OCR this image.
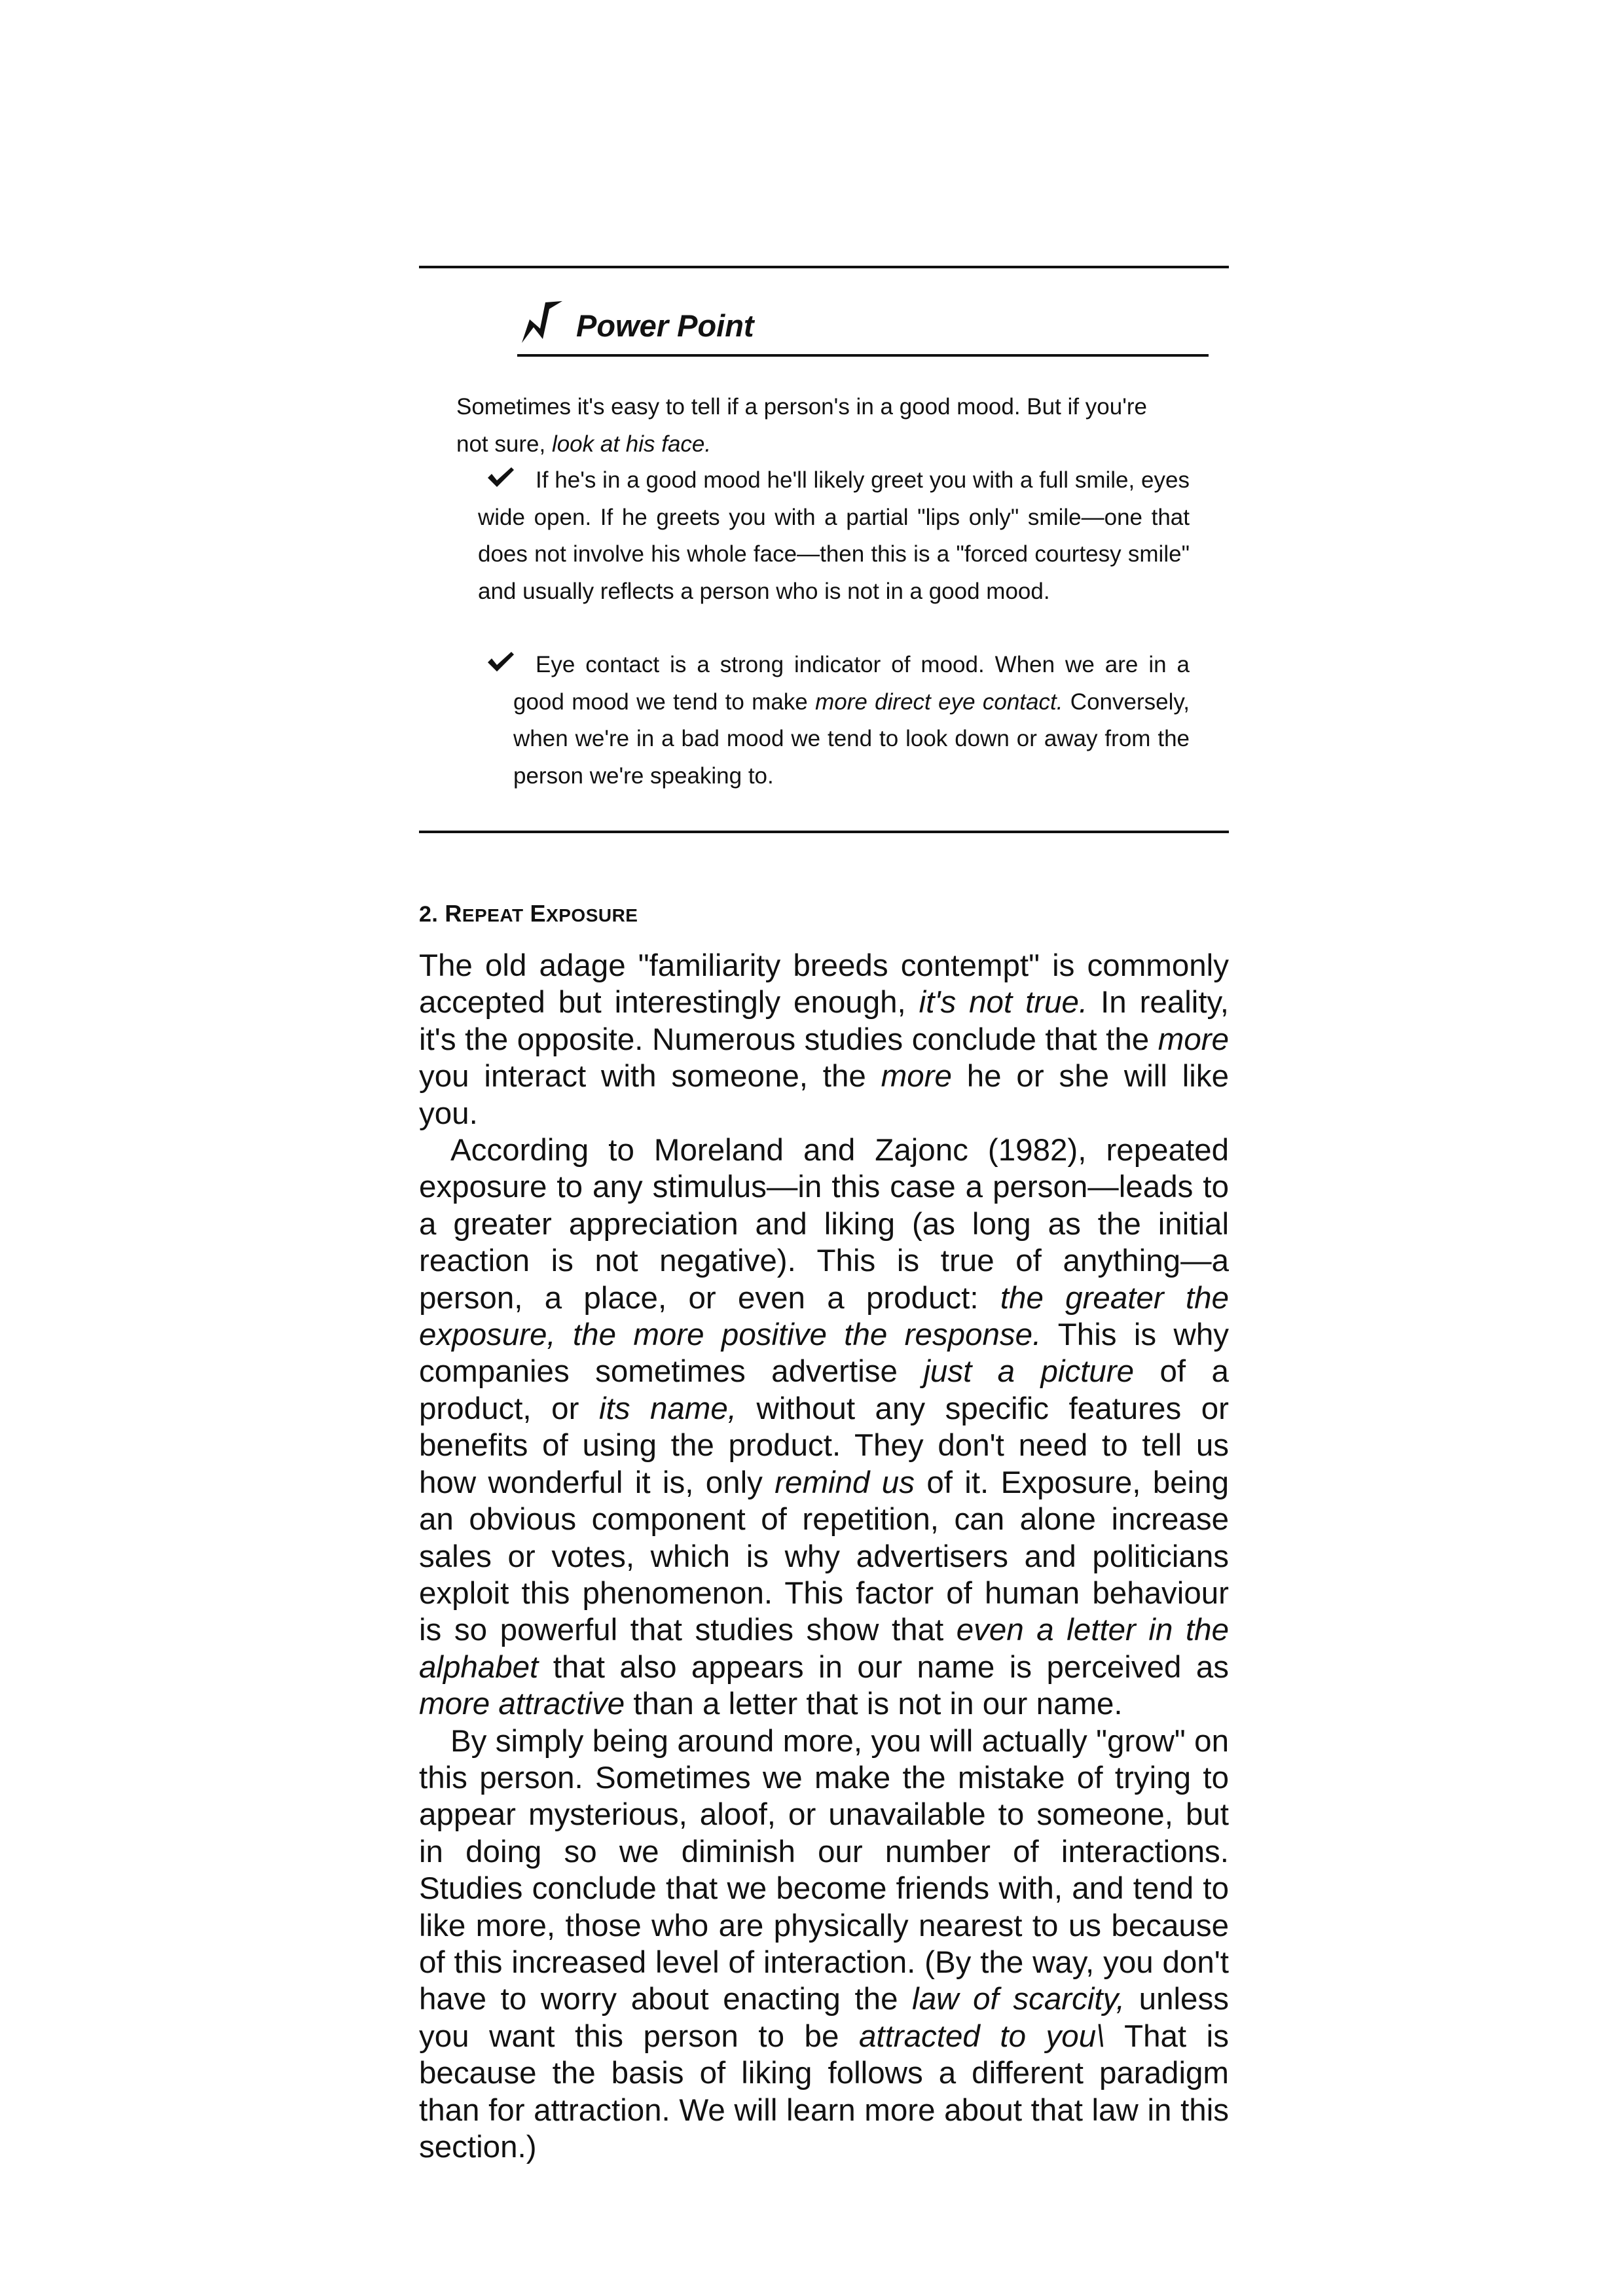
Power Point
Sometimes it's easy to tell if a person's in a good mood. But if you're
not sure, look at his face.
If he's in a good mood he'll likely greet you with a full smile, eyes wide open. If he greets you with a partial "lips only" smile—one that does not involve his whole face—then this is a "forced courtesy smile" and usually reflects a person who is not in a good mood.
Eye contact is a strong indicator of mood. When we are in a good mood we tend to make more direct eye contact. Conversely, when we're in a bad mood we tend to look down or away from the person we're speaking to.
2. REPEAT EXPOSURE

The old adage "familiarity breeds contempt" is commonly accepted but interestingly enough, it's not true. In reality, it's the opposite. Numerous studies conclude that the more you interact with someone, the more he or she will like you.

According to Moreland and Zajonc (1982), repeated exposure to any stimulus—in this case a person—leads to a greater appreciation and liking (as long as the initial reaction is not negative). This is true of anything—a person, a place, or even a product: the greater the exposure, the more positive the response. This is why companies sometimes advertise just a picture of a product, or its name, without any specific features or benefits of using the product. They don't need to tell us how wonderful it is, only remind us of it. Exposure, being an obvious component of repetition, can alone increase sales or votes, which is why advertisers and politicians exploit this phenomenon. This factor of human behaviour is so powerful that studies show that even a letter in the alphabet that also appears in our name is perceived as more attractive than a letter that is not in our name.

By simply being around more, you will actually "grow" on this person. Sometimes we make the mistake of trying to appear mysterious, aloof, or unavailable to someone, but in doing so we diminish our number of interactions. Studies conclude that we become friends with, and tend to like more, those who are physically nearest to us because of this increased level of interaction. (By the way, you don't have to worry about enacting the law of scarcity, unless you want this person to be attracted to you\ That is because the basis of liking follows a different paradigm than for attraction. We will learn more about that law in this section.)
